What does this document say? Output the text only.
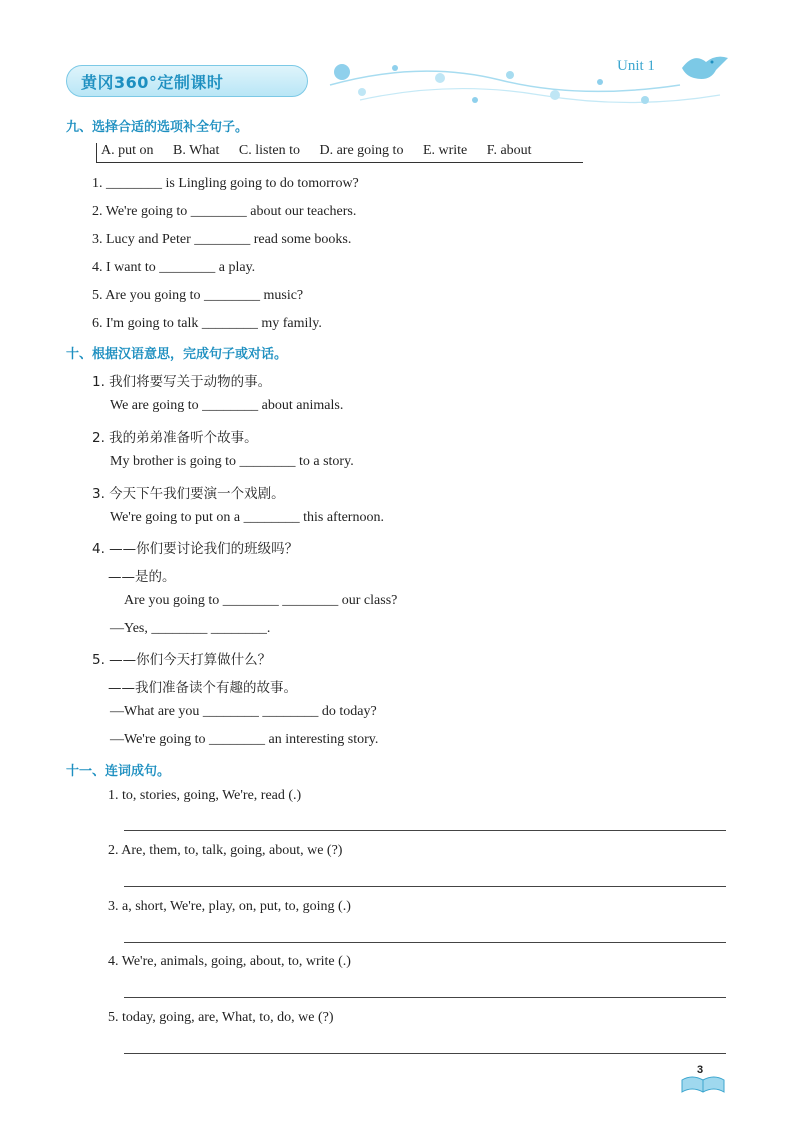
黄冈360°定制课时
Unit 1
九、选择合适的选项补全句子。
A. put on B. What C. listen to D. are going to E. write F. about
1. ________ is Lingling going to do tomorrow?
2. We're going to ________ about our teachers.
3. Lucy and Peter ________ read some books.
4. I want to ________ a play.
5. Are you going to ________ music?
6. I'm going to talk ________ my family.
十、根据汉语意思，完成句子或对话。
1. 我们将要写关于动物的事。
We are going to ________ about animals.
2. 我的弟弟准备听个故事。
My brother is going to ________ to a story.
3. 今天下午我们要演一个戏剧。
We're going to put on a ________ this afternoon.
4. ——你们要讨论我们的班级吗？
——是的。
Are you going to ________ ________ our class?
—Yes, ________ ________.
5. ——你们今天打算做什么？
——我们准备读个有趣的故事。
—What are you ________ ________ do today?
—We're going to ________ an interesting story.
十一、连词成句。
1. to, stories, going, We're, read (.)
2. Are, them, to, talk, going, about, we (?)
3. a, short, We're, play, on, put, to, going (.)
4. We're, animals, going, about, to, write (.)
5. today, going, are, What, to, do, we (?)
3
